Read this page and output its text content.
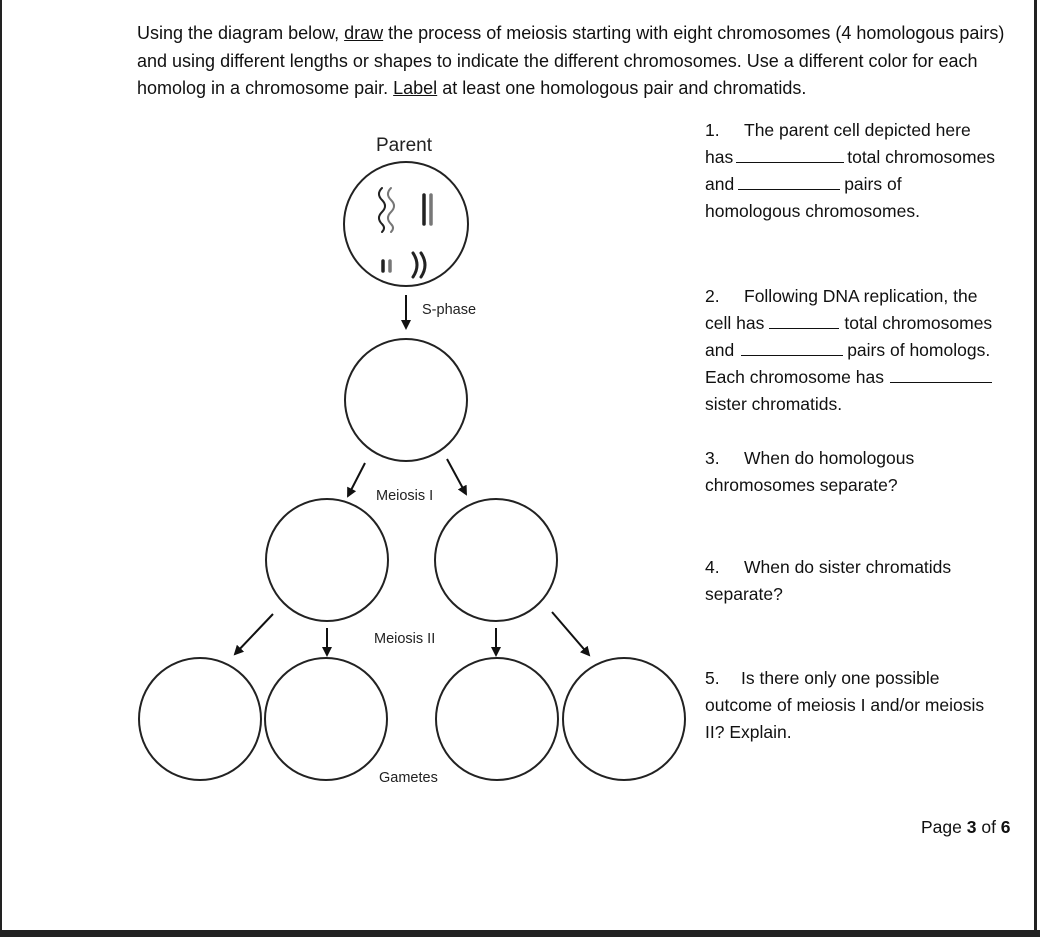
Using the diagram below, draw the process of meiosis starting with eight chromosomes (4 homologous pairs) and using different lengths or shapes to indicate the different chromosomes. Use a different color for each homolog in a chromosome pair. Label at least one homologous pair and chromatids.
Parent
S-phase
Meiosis I
Meiosis II
Gametes
1. The parent cell depicted here
has	total chromosomes
and	pairs of
homologous chromosomes.
2. Following DNA replication, the
cell has	total chromosomes
and	pairs of homologs.
Each chromosome has
sister chromatids.
3. When do homologous
chromosomes separate?
4. When do sister chromatids
separate?
5. Is there only one possible
outcome of meiosis I and/or meiosis
II? Explain.
Page 3 of 6
